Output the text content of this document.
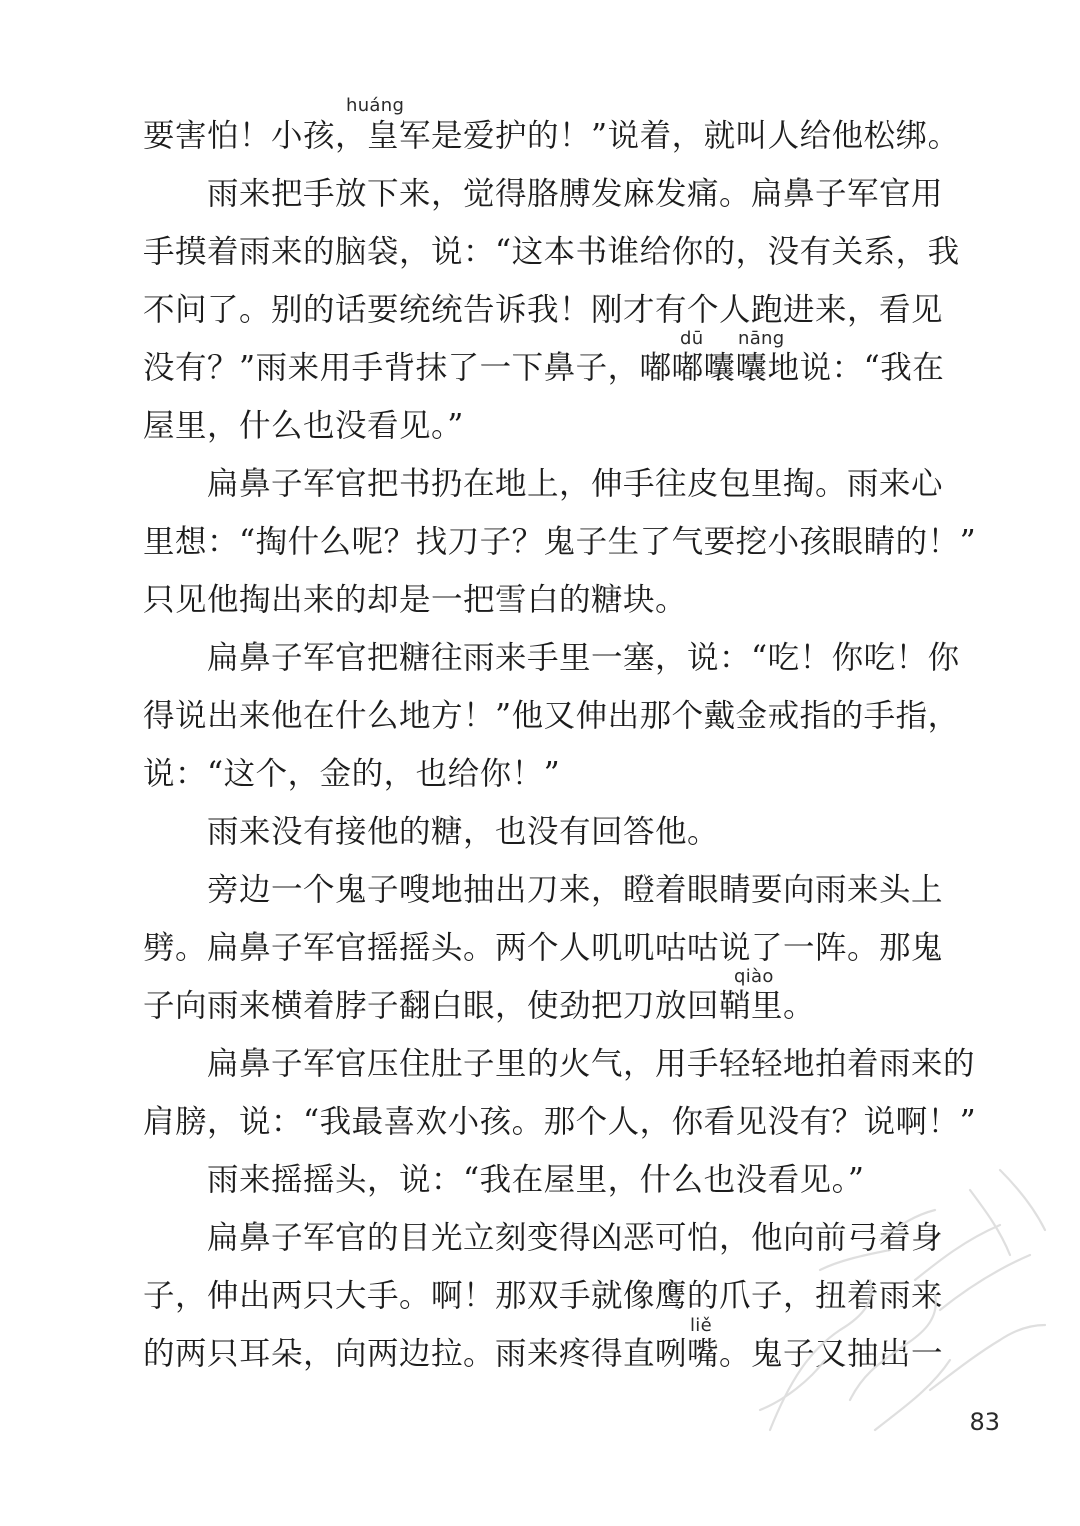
huáng
dū nāng
qiào
liě
要害怕！小孩，皇军是爱护的！”说着，就叫人给他松绑。
　　雨来把手放下来，觉得胳膊发麻发痛。扁鼻子军官用
手摸着雨来的脑袋，说：“这本书谁给你的，没有关系，我
不问了。别的话要统统告诉我！刚才有个人跑进来，看见
没有？”雨来用手背抹了一下鼻子，嘟嘟囔囔地说：“我在
屋里，什么也没看见。”
　　扁鼻子军官把书扔在地上，伸手往皮包里掏。雨来心
里想：“掏什么呢？找刀子？鬼子生了气要挖小孩眼睛的！”
只见他掏出来的却是一把雪白的糖块。
　　扁鼻子军官把糖往雨来手里一塞，说：“吃！你吃！你
得说出来他在什么地方！”他又伸出那个戴金戒指的手指，
说：“这个，金的，也给你！”
　　雨来没有接他的糖，也没有回答他。
　　旁边一个鬼子嗖地抽出刀来，瞪着眼睛要向雨来头上
劈。扁鼻子军官摇摇头。两个人叽叽咕咕说了一阵。那鬼
子向雨来横着脖子翻白眼，使劲把刀放回鞘里。
　　扁鼻子军官压住肚子里的火气，用手轻轻地拍着雨来的
肩膀，说：“我最喜欢小孩。那个人，你看见没有？说啊！”
　　雨来摇摇头，说：“我在屋里，什么也没看见。”
　　扁鼻子军官的目光立刻变得凶恶可怕，他向前弓着身
子，伸出两只大手。啊！那双手就像鹰的爪子，扭着雨来
的两只耳朵，向两边拉。雨来疼得直咧嘴。鬼子又抽出一
83
